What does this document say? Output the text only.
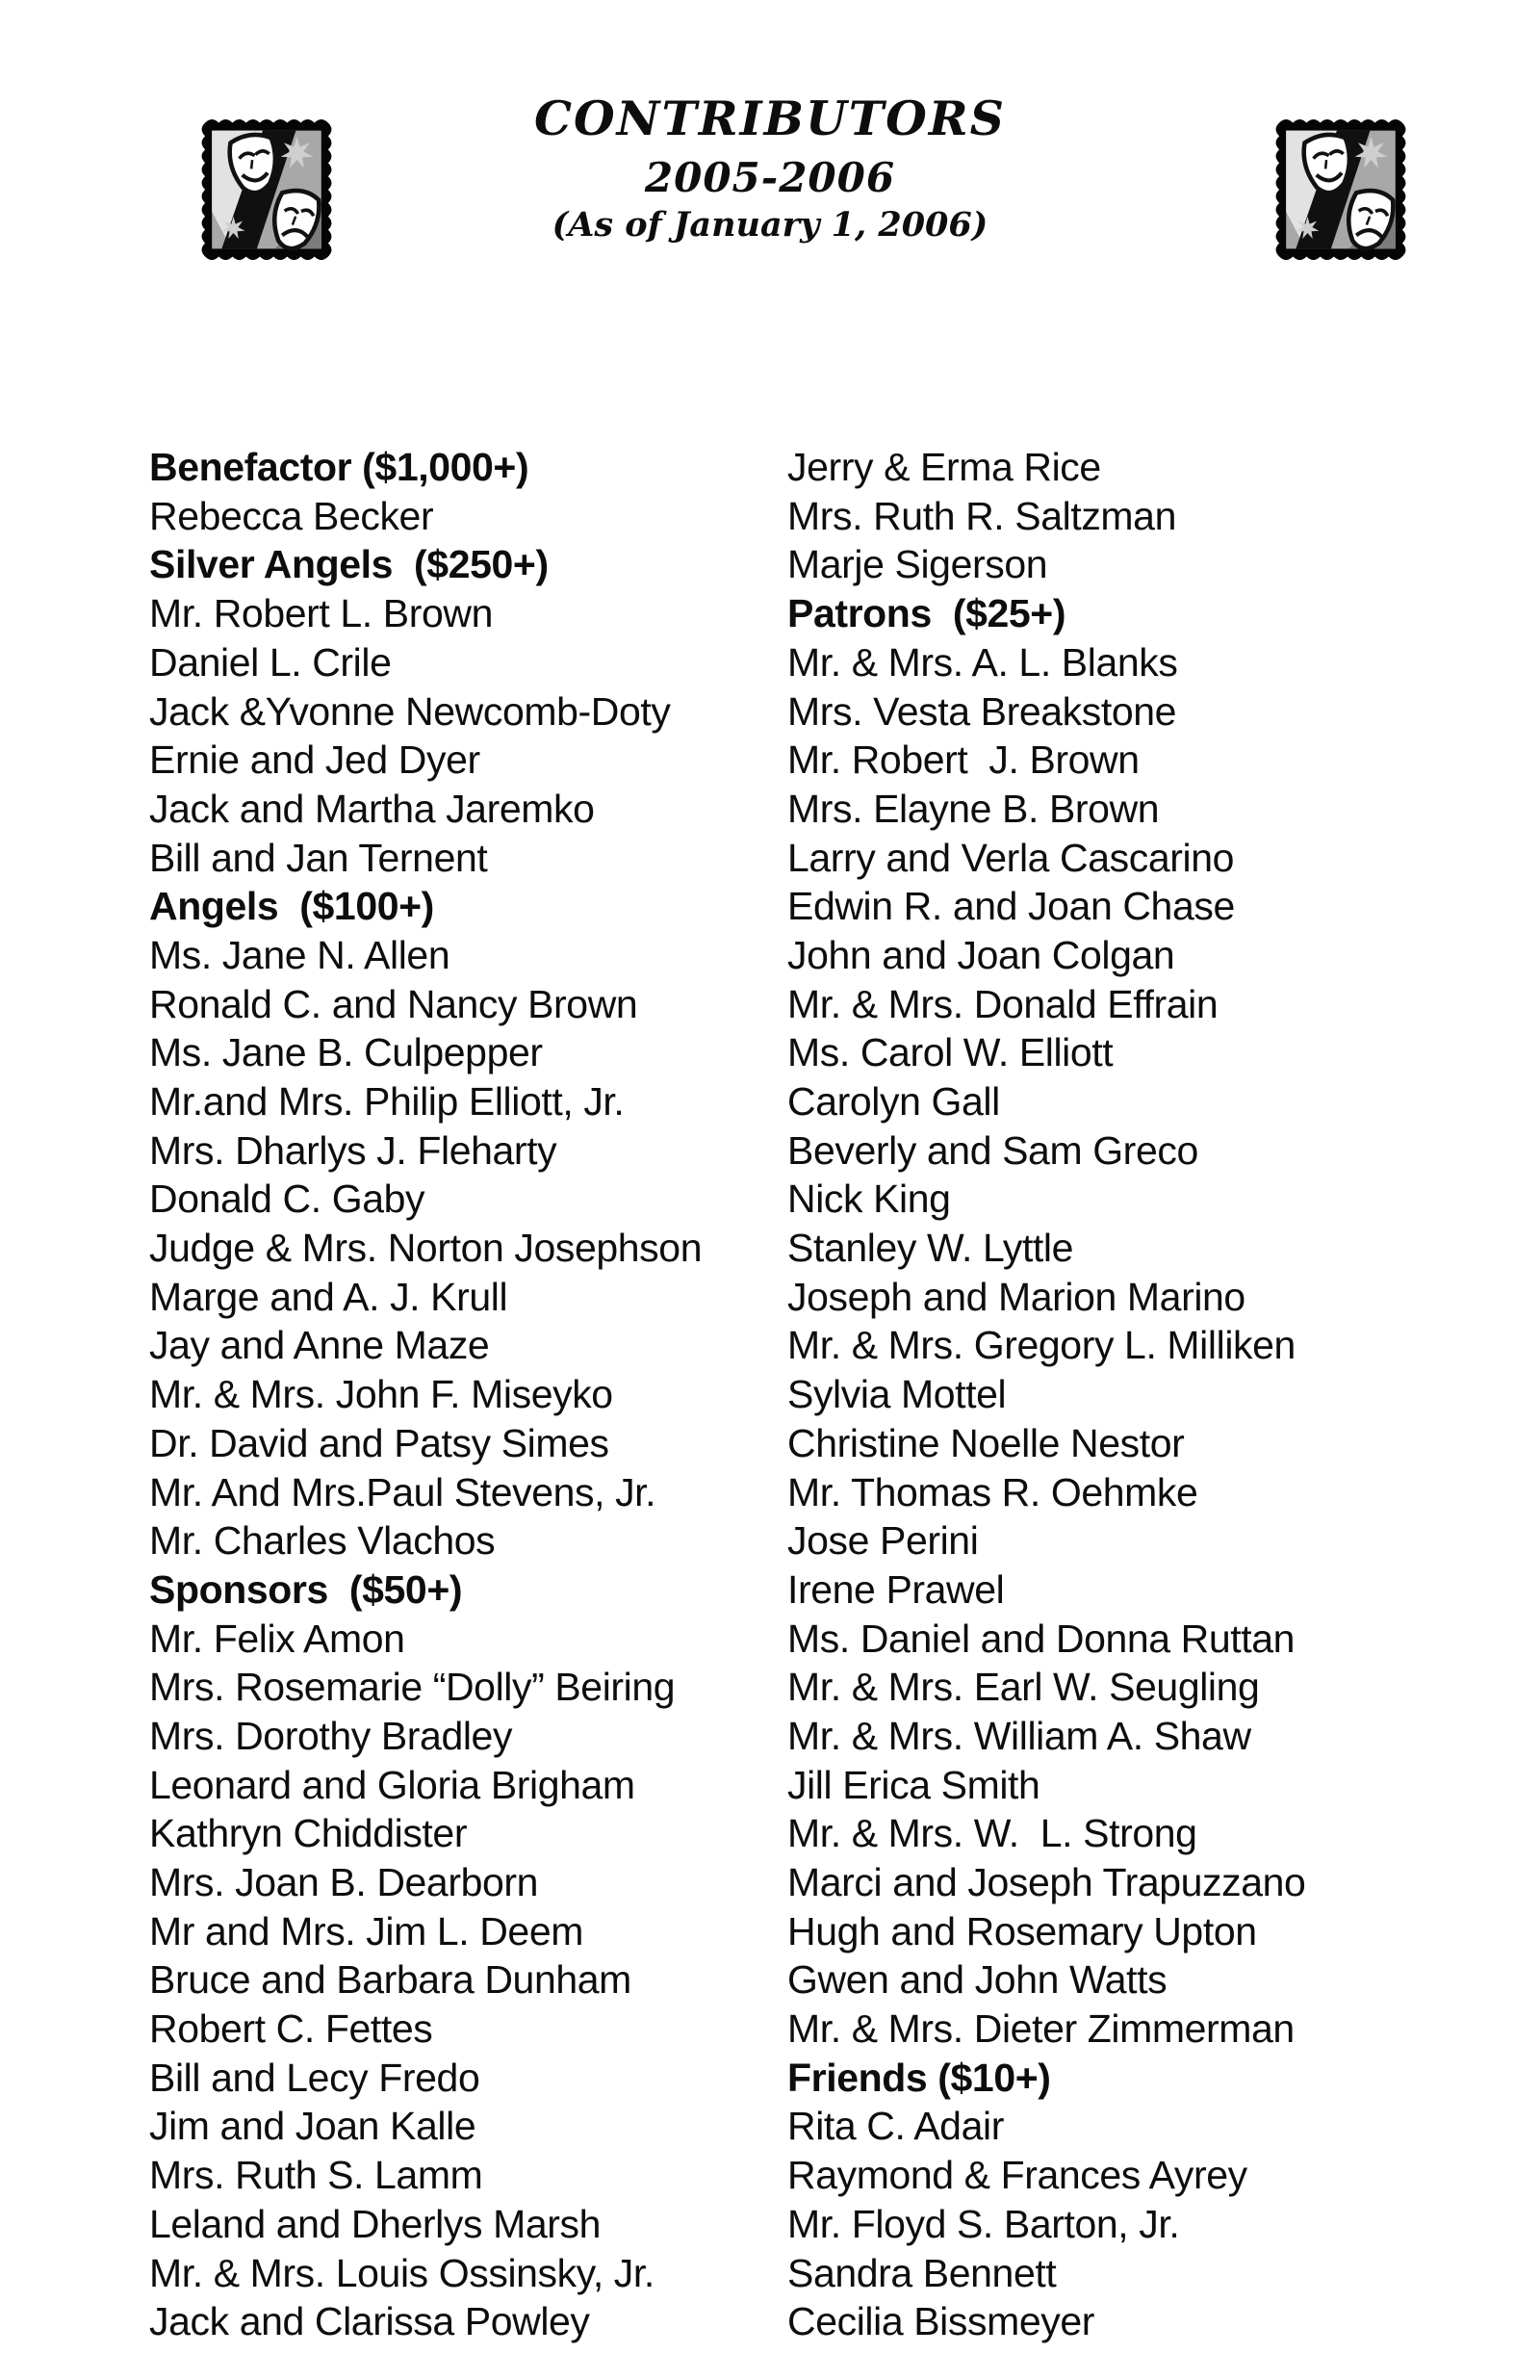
CONTRIBUTORS
2005-2006
(As of January 1, 2006)

Benefactor ($1,000+)
Rebecca Becker
Silver Angels  ($250+)
Mr. Robert L. Brown
Daniel L. Crile
Jack &Yvonne Newcomb-Doty
Ernie and Jed Dyer
Jack and Martha Jaremko
Bill and Jan Ternent
Angels  ($100+)
Ms. Jane N. Allen
Ronald C. and Nancy Brown
Ms. Jane B. Culpepper
Mr.and Mrs. Philip Elliott, Jr.
Mrs. Dharlys J. Fleharty
Donald C. Gaby
Judge & Mrs. Norton Josephson
Marge and A. J. Krull
Jay and Anne Maze
Mr. & Mrs. John F. Miseyko
Dr. David and Patsy Simes
Mr. And Mrs.Paul Stevens, Jr.
Mr. Charles Vlachos
Sponsors  ($50+)
Mr. Felix Amon
Mrs. Rosemarie “Dolly” Beiring
Mrs. Dorothy Bradley
Leonard and Gloria Brigham
Kathryn Chiddister
Mrs. Joan B. Dearborn
Mr and Mrs. Jim L. Deem
Bruce and Barbara Dunham
Robert C. Fettes
Bill and Lecy Fredo
Jim and Joan Kalle
Mrs. Ruth S. Lamm
Leland and Dherlys Marsh
Mr. & Mrs. Louis Ossinsky, Jr.
Jack and Clarissa Powley

Jerry & Erma Rice
Mrs. Ruth R. Saltzman
Marje Sigerson
Patrons  ($25+)
Mr. & Mrs. A. L. Blanks
Mrs. Vesta Breakstone
Mr. Robert  J. Brown
Mrs. Elayne B. Brown
Larry and Verla Cascarino
Edwin R. and Joan Chase
John and Joan Colgan
Mr. & Mrs. Donald Effrain
Ms. Carol W. Elliott
Carolyn Gall
Beverly and Sam Greco
Nick King
Stanley W. Lyttle
Joseph and Marion Marino
Mr. & Mrs. Gregory L. Milliken
Sylvia Mottel
Christine Noelle Nestor
Mr. Thomas R. Oehmke
Jose Perini
Irene Prawel
Ms. Daniel and Donna Ruttan
Mr. & Mrs. Earl W. Seugling
Mr. & Mrs. William A. Shaw
Jill Erica Smith
Mr. & Mrs. W.  L. Strong
Marci and Joseph Trapuzzano
Hugh and Rosemary Upton
Gwen and John Watts
Mr. & Mrs. Dieter Zimmerman
Friends ($10+)
Rita C. Adair
Raymond & Frances Ayrey
Mr. Floyd S. Barton, Jr.
Sandra Bennett
Cecilia Bissmeyer
